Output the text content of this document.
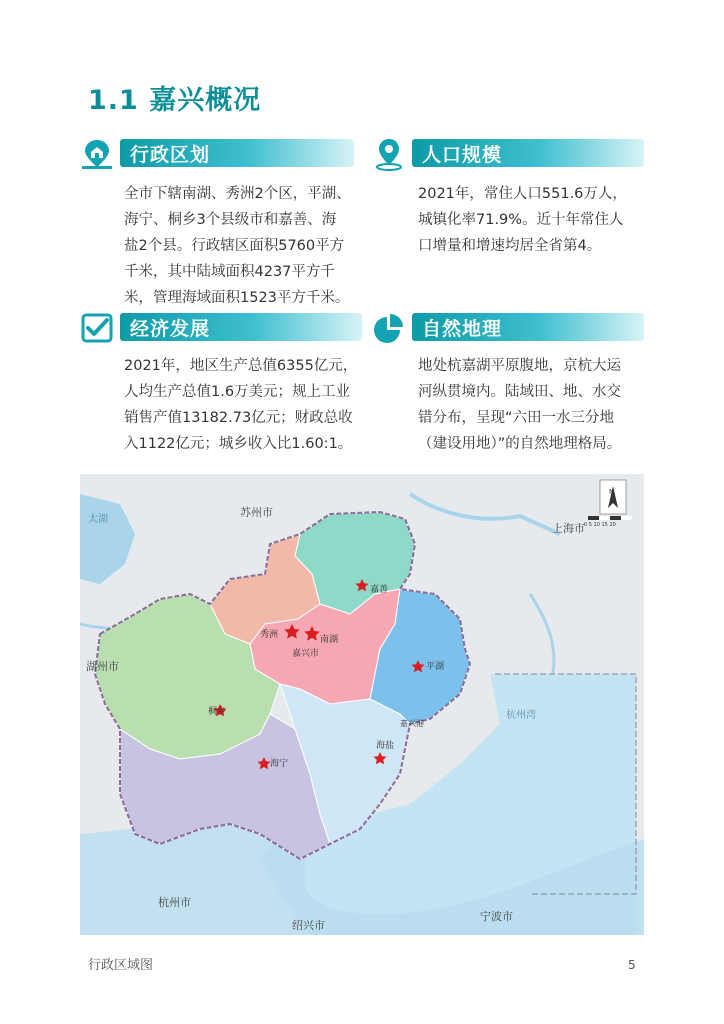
1.1 嘉兴概况
行政区划
全市下辖南湖、秀洲2个区，平湖、
海宁、桐乡3个县级市和嘉善、海
盐2个县。行政辖区面积5760平方
千米，其中陆域面积4237平方千
米，管理海域面积1523平方千米。
人口规模
2021年，常住人口551.6万人，
城镇化率71.9%。近十年常住人
口增量和增速均居全省第4。
经济发展
2021年，地区生产总值6355亿元，
人均生产总值1.6万美元；规上工业
销售产值13182.73亿元；财政总收
入1122亿元；城乡收入比1.60:1。
自然地理
地处杭嘉湖平原腹地，京杭大运
河纵贯境内。陆域田、地、水交
错分布，呈现“六田一水三分地
（建设用地）”的自然地理格局。
苏州市
上海市
湖州市
杭州市
绍兴市
宁波市
太湖
杭州湾
秀洲	南湖
嘉兴市
嘉善
平湖
桐乡
海宁
海盐
嘉兴港
N
0 5 10 15 20
行政区域图	5
